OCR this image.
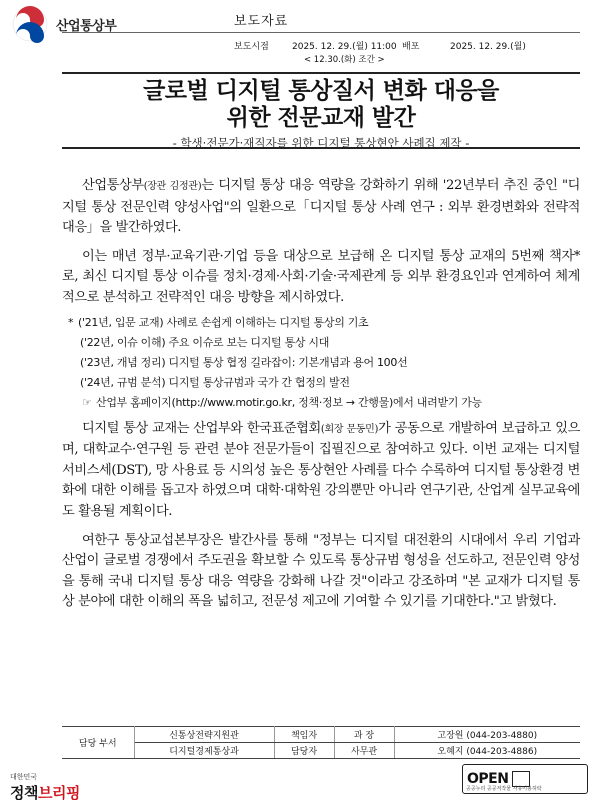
산업통상부	보도자료
보도시점	2025. 12. 29.(월) 11:00
< 12.30.(화) 조간 >
배포	2025. 12. 29.(월)
글로벌 디지털 통상질서 변화 대응을
위한 전문교재 발간
- 학생·전문가·재직자를 위한 디지털 통상현안 사례집 제작 -

산업통상부(장관 김정관)는 디지털 통상 대응 역량을 강화하기 위해 '22년부터 추진 중인 "디지털 통상 전문인력 양성사업"의 일환으로「디지털 통상 사례 연구 : 외부 환경변화와 전략적 대응」을 발간하였다.

이는 매년 정부·교육기관·기업 등을 대상으로 보급해 온 디지털 통상 교재의 5번째 책자*로, 최신 디지털 통상 이슈를 정치·경제·사회·기술·국제관계 등 외부 환경요인과 연계하여 체계적으로 분석하고 전략적인 대응 방향을 제시하였다.

* ('21년, 입문 교재) 사례로 손쉽게 이해하는 디지털 통상의 기초
('22년, 이슈 이해) 주요 이슈로 보는 디지털 통상 시대
('23년, 개념 정리) 디지털 통상 협정 길라잡이: 기본개념과 용어 100선
('24년, 규범 분석) 디지털 통상규범과 국가 간 협정의 발전
☞ 산업부 홈페이지(http://www.motir.go.kr, 정책·정보 → 간행물)에서 내려받기 가능

디지털 통상 교재는 산업부와 한국표준협회(회장 문동민)가 공동으로 개발하여 보급하고 있으며, 대학교수·연구원 등 관련 분야 전문가들이 집필진으로 참여하고 있다. 이번 교재는 디지털서비스세(DST), 망 사용료 등 시의성 높은 통상현안 사례를 다수 수록하여 디지털 통상환경 변화에 대한 이해를 돕고자 하였으며 대학·대학원 강의뿐만 아니라 연구기관, 산업계 실무교육에도 활용될 계획이다.

여한구 통상교섭본부장은 발간사를 통해 "정부는 디지털 대전환의 시대에서 우리 기업과 산업이 글로벌 경쟁에서 주도권을 확보할 수 있도록 통상규범 형성을 선도하고, 전문인력 양성을 통해 국내 디지털 통상 대응 역량을 강화해 나갈 것"이라고 강조하며 "본 교재가 디지털 통상 분야에 대한 이해의 폭을 넓히고, 전문성 제고에 기여할 수 있기를 기대한다."고 밝혔다.

담당 부서	신통상전략지원관	책임자	과 장	고장원 (044-203-4880)
	디지털경제통상과	담당자	사무관	오혜지 (044-203-4886)
대한민국
정책브리핑
OPEN
공공누리 공공저작물 자유이용허락
